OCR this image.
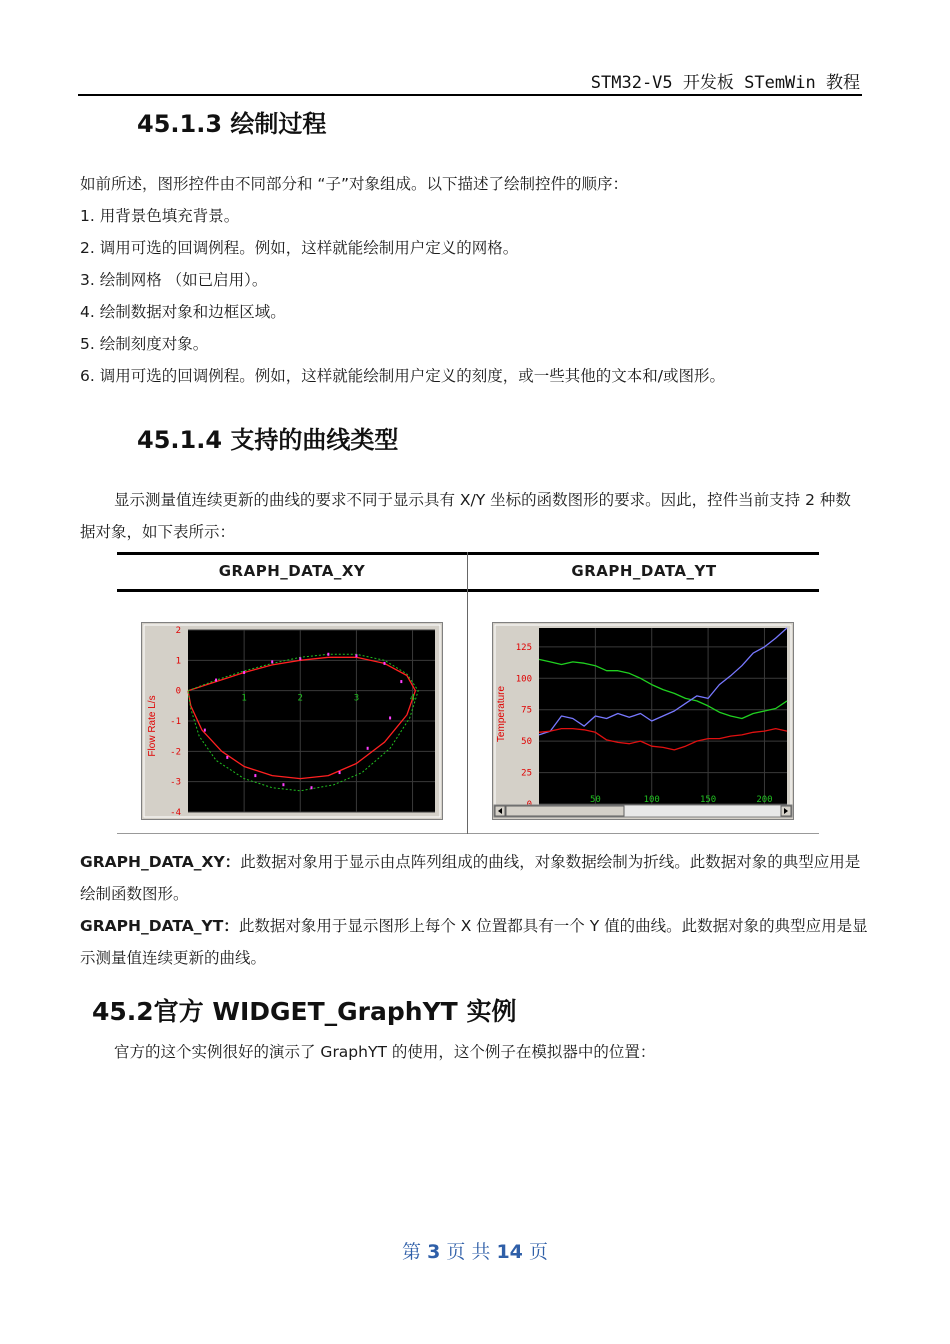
STM32-V5 开发板 STemWin 教程
45.1.3 绘制过程
如前所述，图形控件由不同部分和 “子”对象组成。以下描述了绘制控件的顺序：
1. 用背景色填充背景。
2. 调用可选的回调例程。例如，这样就能绘制用户定义的网格。
3. 绘制网格 （如已启用）。
4. 绘制数据对象和边框区域。
5. 绘制刻度对象。
6. 调用可选的回调例程。例如，这样就能绘制用户定义的刻度，或一些其他的文本和/或图形。
45.1.4 支持的曲线类型
显示测量值连续更新的曲线的要求不同于显示具有 X/Y 坐标的函数图形的要求。因此，控件当前支持 2 种数据对象，如下表所示：
GRAPH_DATA_XY	GRAPH_DATA_YT
2
1
0
-1
-2
-3
-4
1	2	3	4
Flow Rate L/s
125
100
75
50
25
50	100	150	200
Temperature
GRAPH_DATA_XY：此数据对象用于显示由点阵列组成的曲线，对象数据绘制为折线。此数据对象的典型应用是绘制函数图形。
GRAPH_DATA_YT：此数据对象用于显示图形上每个 X 位置都具有一个 Y 值的曲线。此数据对象的典型应用是显示测量值连续更新的曲线。
45.2官方 WIDGET_GraphYT 实例
官方的这个实例很好的演示了 GraphYT 的使用，这个例子在模拟器中的位置：
第 3 页 共 14 页
